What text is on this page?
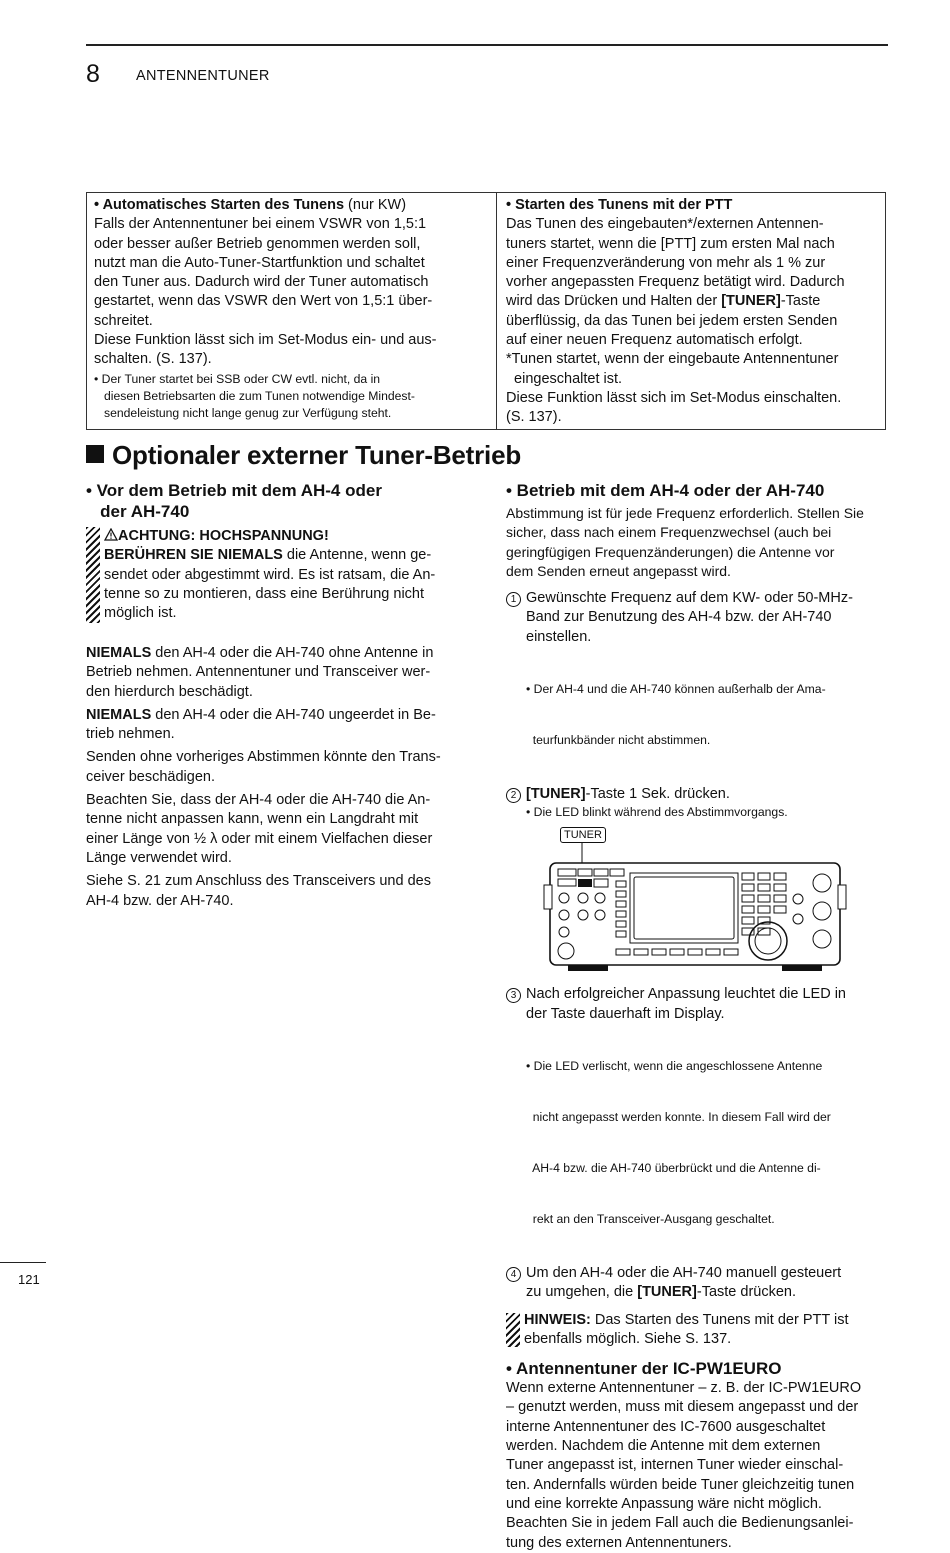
8 ANTENNENTUNER
• Automatisches Starten des Tunens (nur KW)
Falls der Antennentuner bei einem VSWR von 1,5:1
oder besser außer Betrieb genommen werden soll,
nutzt man die Auto-Tuner-Startfunktion und schaltet
den Tuner aus. Dadurch wird der Tuner automatisch
gestartet, wenn das VSWR den Wert von 1,5:1 über-
schreitet.
Diese Funktion lässt sich im Set-Modus ein- und aus-
schalten. (S. 137).
• Der Tuner startet bei SSB oder CW evtl. nicht, da in
diesen Betriebsarten die zum Tunen notwendige Mindest-
sendeleistung nicht lange genug zur Verfügung steht.
• Starten des Tunens mit der PTT
Das Tunen des eingebauten*/externen Antennen-
tuners startet, wenn die [PTT] zum ersten Mal nach
einer Frequenzveränderung von mehr als 1 % zur
vorher angepassten Frequenz betätigt wird. Dadurch
wird das Drücken und Halten der [TUNER]-Taste
überflüssig, da das Tunen bei jedem ersten Senden
auf einer neuen Frequenz automatisch erfolgt.
*Tunen startet, wenn der eingebaute Antennentuner
eingeschaltet ist.
Diese Funktion lässt sich im Set-Modus einschalten.
(S. 137).
Optionaler externer Tuner-Betrieb
• Vor dem Betrieb mit dem AH-4 oder
der AH-740
ACHTUNG: HOCHSPANNUNG!
BERÜHREN SIE NIEMALS die Antenne, wenn ge-
sendet oder abgestimmt wird. Es ist ratsam, die An-
tenne so zu montieren, dass eine Berührung nicht
möglich ist.
NIEMALS den AH-4 oder die AH-740 ohne Antenne in
Betrieb nehmen. Antennentuner und Transceiver wer-
den hierdurch beschädigt.
NIEMALS den AH-4 oder die AH-740 ungeerdet in Be-
trieb nehmen.
Senden ohne vorheriges Abstimmen könnte den Trans-
ceiver beschädigen.
Beachten Sie, dass der AH-4 oder die AH-740 die An-
tenne nicht anpassen kann, wenn ein Langdraht mit
einer Länge von ½ λ oder mit einem Vielfachen dieser
Länge verwendet wird.
Siehe S. 21 zum Anschluss des Transceivers und des
AH-4 bzw. der AH-740.
• Betrieb mit dem AH-4 oder der AH-740
Abstimmung ist für jede Frequenz erforderlich. Stellen Sie
sicher, dass nach einem Frequenzwechsel (auch bei
geringfügigen Frequenzänderungen) die Antenne vor
dem Senden erneut angepasst wird.
1 Gewünschte Frequenz auf dem KW- oder 50-MHz-
Band zur Benutzung des AH-4 bzw. der AH-740
einstellen.

• Der AH-4 und die AH-740 können außerhalb der Ama-

teurfunkbänder nicht abstimmen.

2 [TUNER]-Taste 1 Sek. drücken.
• Die LED blinkt während des Abstimmvorgangs.
TUNER
3 Nach erfolgreicher Anpassung leuchtet die LED in
der Taste dauerhaft im Display.

• Die LED verlischt, wenn die angeschlossene Antenne

nicht angepasst werden konnte. In diesem Fall wird der

AH-4 bzw. die AH-740 überbrückt und die Antenne di-

rekt an den Transceiver-Ausgang geschaltet.

4 Um den AH-4 oder die AH-740 manuell gesteuert
zu umgehen, die [TUNER]-Taste drücken.
HINWEIS: Das Starten des Tunens mit der PTT ist
ebenfalls möglich. Siehe S. 137.
• Antennentuner der IC-PW1EURO
Wenn externe Antennentuner – z. B. der IC-PW1EURO
– genutzt werden, muss mit diesem angepasst und der
interne Antennentuner des IC-7600 ausgeschaltet
werden. Nachdem die Antenne mit dem externen
Tuner angepasst ist, internen Tuner wieder einschal-
ten. Andernfalls würden beide Tuner gleichzeitig tunen
und eine korrekte Anpassung wäre nicht möglich.
Beachten Sie in jedem Fall auch die Bedienungsanlei-
tung des externen Antennentuners.
121
